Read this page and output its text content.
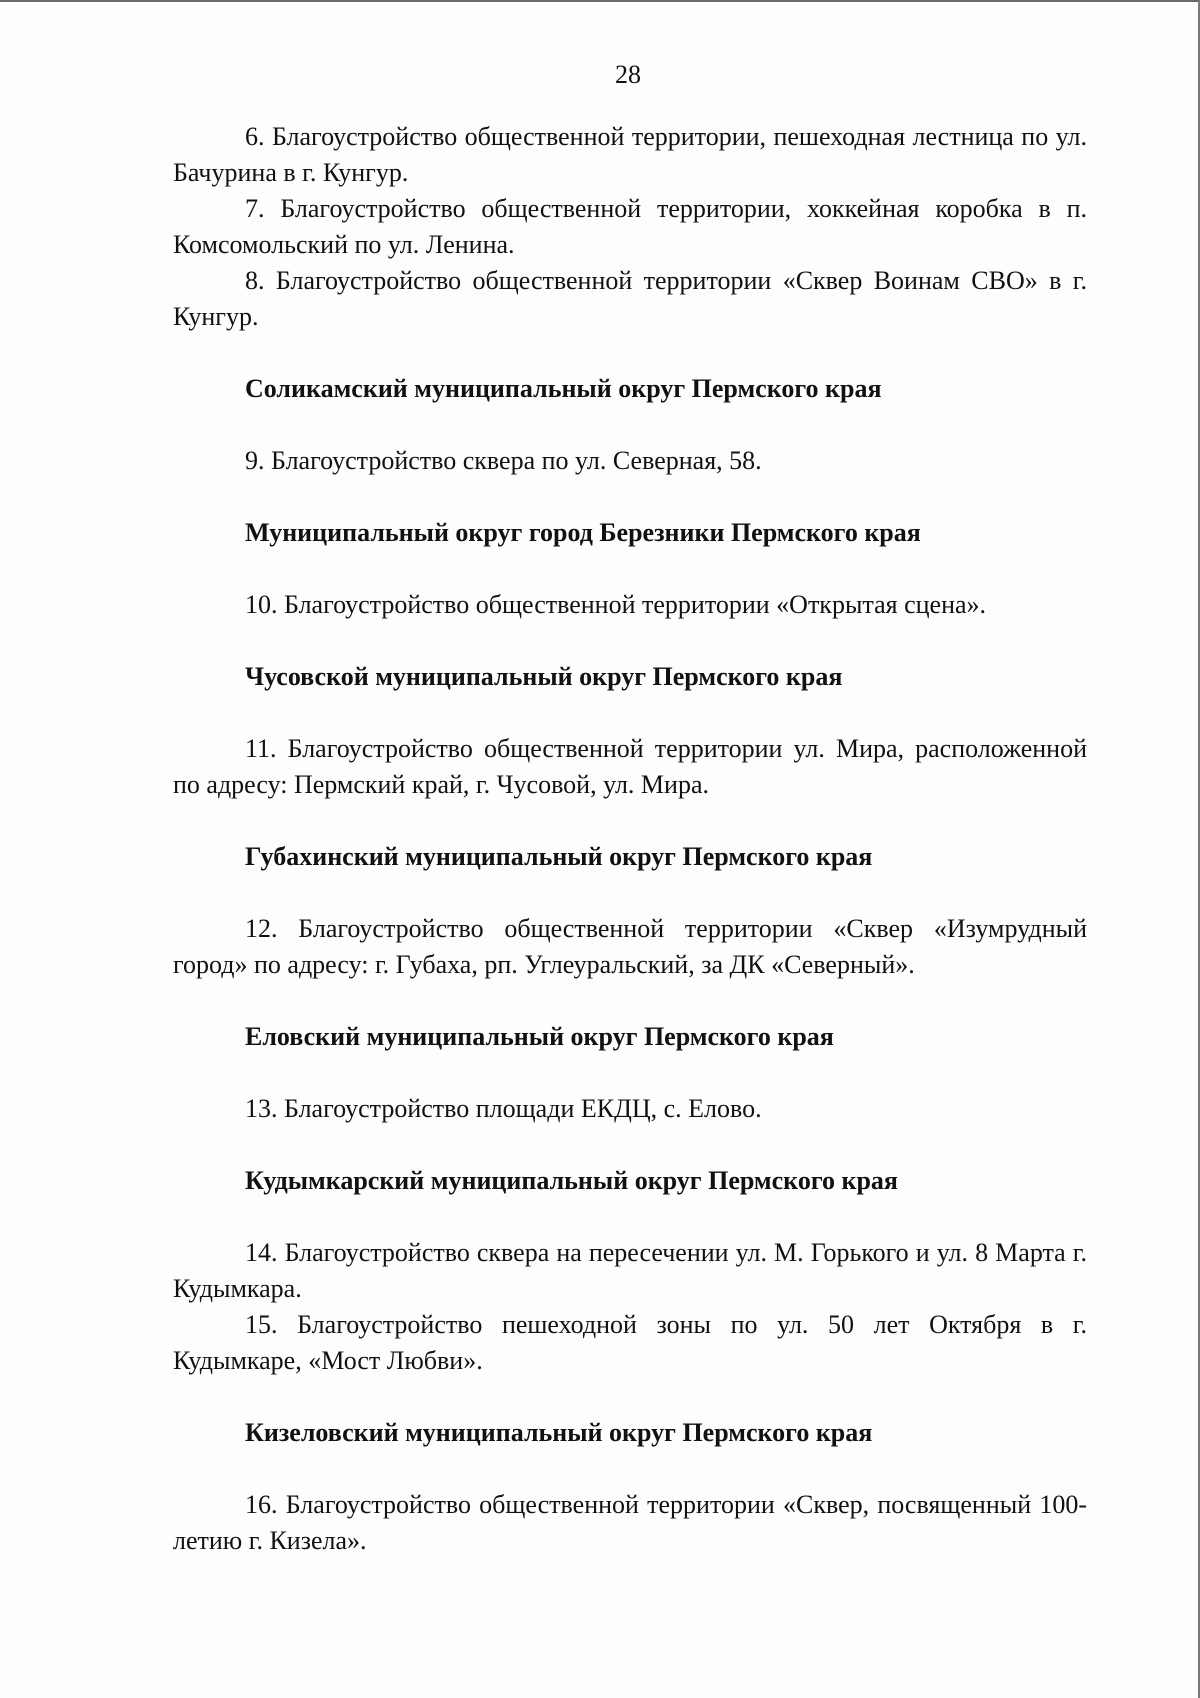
28

6. Благоустройство общественной территории, пешеходная лестница по ул. Бачурина в г. Кунгур.

7. Благоустройство общественной территории, хоккейная коробка в п. Комсомольский по ул. Ленина.

8. Благоустройство общественной территории «Сквер Воинам СВО» в г. Кунгур.

Соликамский муниципальный округ Пермского края

9. Благоустройство сквера по ул. Северная, 58.

Муниципальный округ город Березники Пермского края

10. Благоустройство общественной территории «Открытая сцена».

Чусовской муниципальный округ Пермского края

11. Благоустройство общественной территории ул. Мира, расположенной по адресу: Пермский край, г. Чусовой, ул. Мира.

Губахинский муниципальный округ Пермского края

12. Благоустройство общественной территории «Сквер «Изумрудный город» по адресу: г. Губаха, рп. Углеуральский, за ДК «Северный».

Еловский муниципальный округ Пермского края

13. Благоустройство площади ЕКДЦ, с. Елово.

Кудымкарский муниципальный округ Пермского края

14. Благоустройство сквера на пересечении ул. М. Горького и ул. 8 Марта г. Кудымкара.

15. Благоустройство пешеходной зоны по ул. 50 лет Октября в г. Кудымкаре, «Мост Любви».

Кизеловский муниципальный округ Пермского края

16. Благоустройство общественной территории «Сквер, посвященный 100-летию г. Кизела».
